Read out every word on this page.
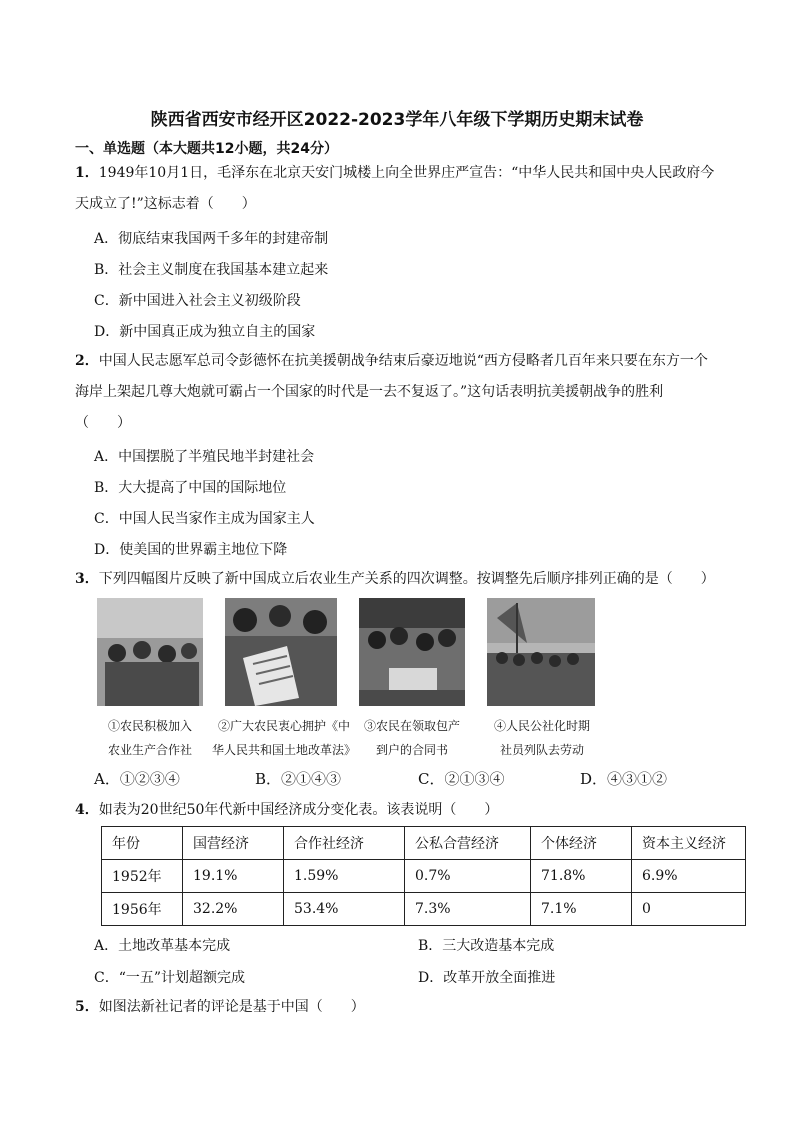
陕西省西安市经开区2022-2023学年八年级下学期历史期末试卷
一、单选题（本大题共12小题，共24分）
1．1949年10月1日，毛泽东在北京天安门城楼上向全世界庄严宣告：“中华人民共和国中央人民政府今
天成立了!”这标志着（　　）
A．彻底结束我国两千多年的封建帝制
B．社会主义制度在我国基本建立起来
C．新中国进入社会主义初级阶段
D．新中国真正成为独立自主的国家
2．中国人民志愿军总司令彭德怀在抗美援朝战争结束后豪迈地说“西方侵略者几百年来只要在东方一个
海岸上架起几尊大炮就可霸占一个国家的时代是一去不复返了。”这句话表明抗美援朝战争的胜利
（　　）
A．中国摆脱了半殖民地半封建社会
B．大大提高了中国的国际地位
C．中国人民当家作主成为国家主人
D．使美国的世界霸主地位下降
3．下列四幅图片反映了新中国成立后农业生产关系的四次调整。按调整先后顺序排列正确的是（　　）
①农民积极加入
农业生产合作社
②广大农民衷心拥护《中
华人民共和国土地改革法》
③农民在领取包产
到户的合同书
④人民公社化时期
社员列队去劳动
A．①②③④	B．②①④③	C．②①③④	D．④③①②
4．如表为20世纪50年代新中国经济成分变化表。该表说明（　　）
年份	国营经济	合作社经济	公私合营经济	个体经济	资本主义经济
1952年	19.1%	1.59%	0.7%	71.8%	6.9%
1956年	32.2%	53.4%	7.3%	7.1%	0
A．土地改革基本完成	B．三大改造基本完成
C．“一五”计划超额完成	D．改革开放全面推进
5．如图法新社记者的评论是基于中国（　　）
